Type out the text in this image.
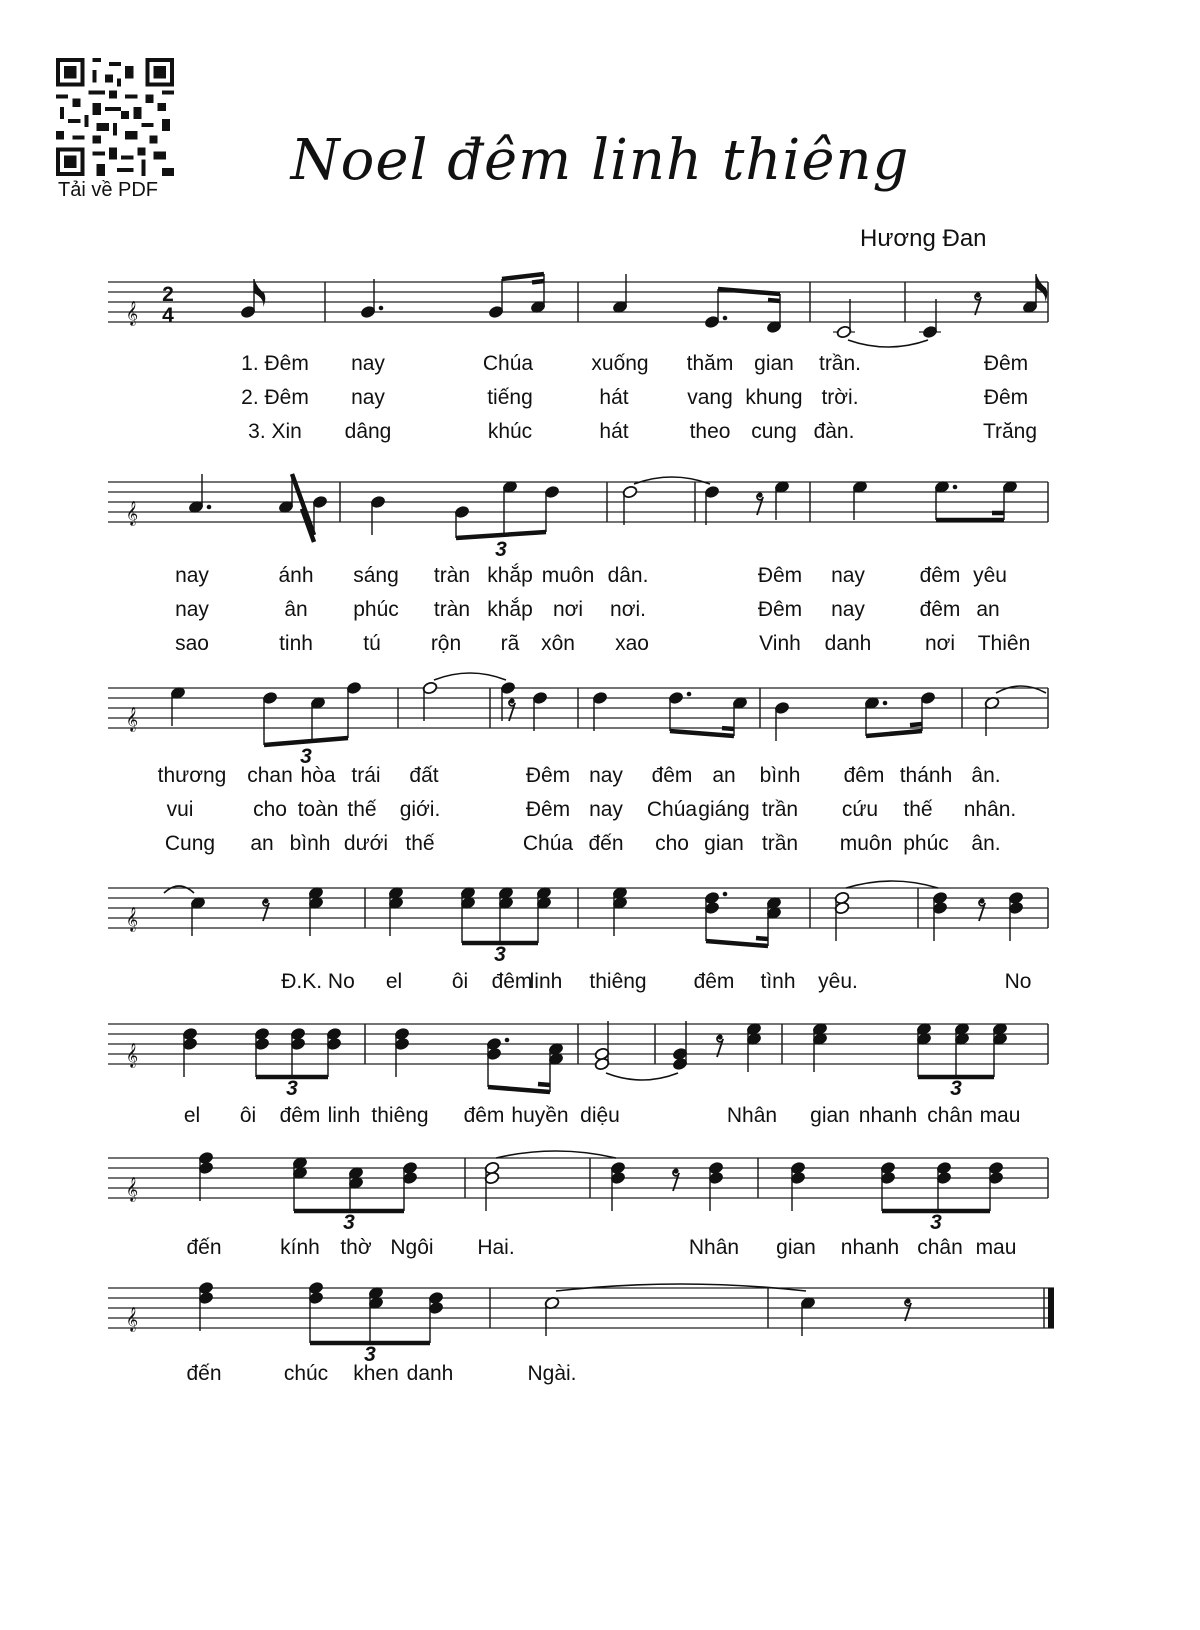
Tải về PDF	Noel đêm linh thiêng
Hương Đan
𝄞
2
4
1. Đêm nay	Chúa	xuống thăm gian trần.	Đêm
2. Đêm nay	tiếng	hát	vang khung trời.	Đêm
3. Xin dâng	khúc	hát	theo cung đàn.	Trăng
𝄞
3
nay	ánh sáng tràn khắp muôn dân.	Đêm nay	đêm yêu
nay	ân phúc tràn khắp nơi nơi.	Đêm nay	đêm an
sao	tinh tú rộn rã xôn xao	Vinh danh	nơi Thiên
𝄞
3
thương chan hòa trái đất	Đêm nay đêm an bình đêm thánh ân.
vui	cho toàn thế giới.	Đêm nay Chúa giáng trần cứu thế nhân.
Cung an bình dưới thế	Chúa đến cho gian trần muôn phúc ân.
𝄞
3
Đ.K. No el ôi đêm
linh thiêng đêm tình yêu.	No
𝄞
3	3
el ôi đêm linh thiêng đêm huyền diệu	Nhân gian nhanh chân mau
𝄞
3	3
đến	kính thờ Ngôi Hai.	Nhân gian nhanh chân mau
𝄞
3
đến	chúc khen danh	Ngài.
